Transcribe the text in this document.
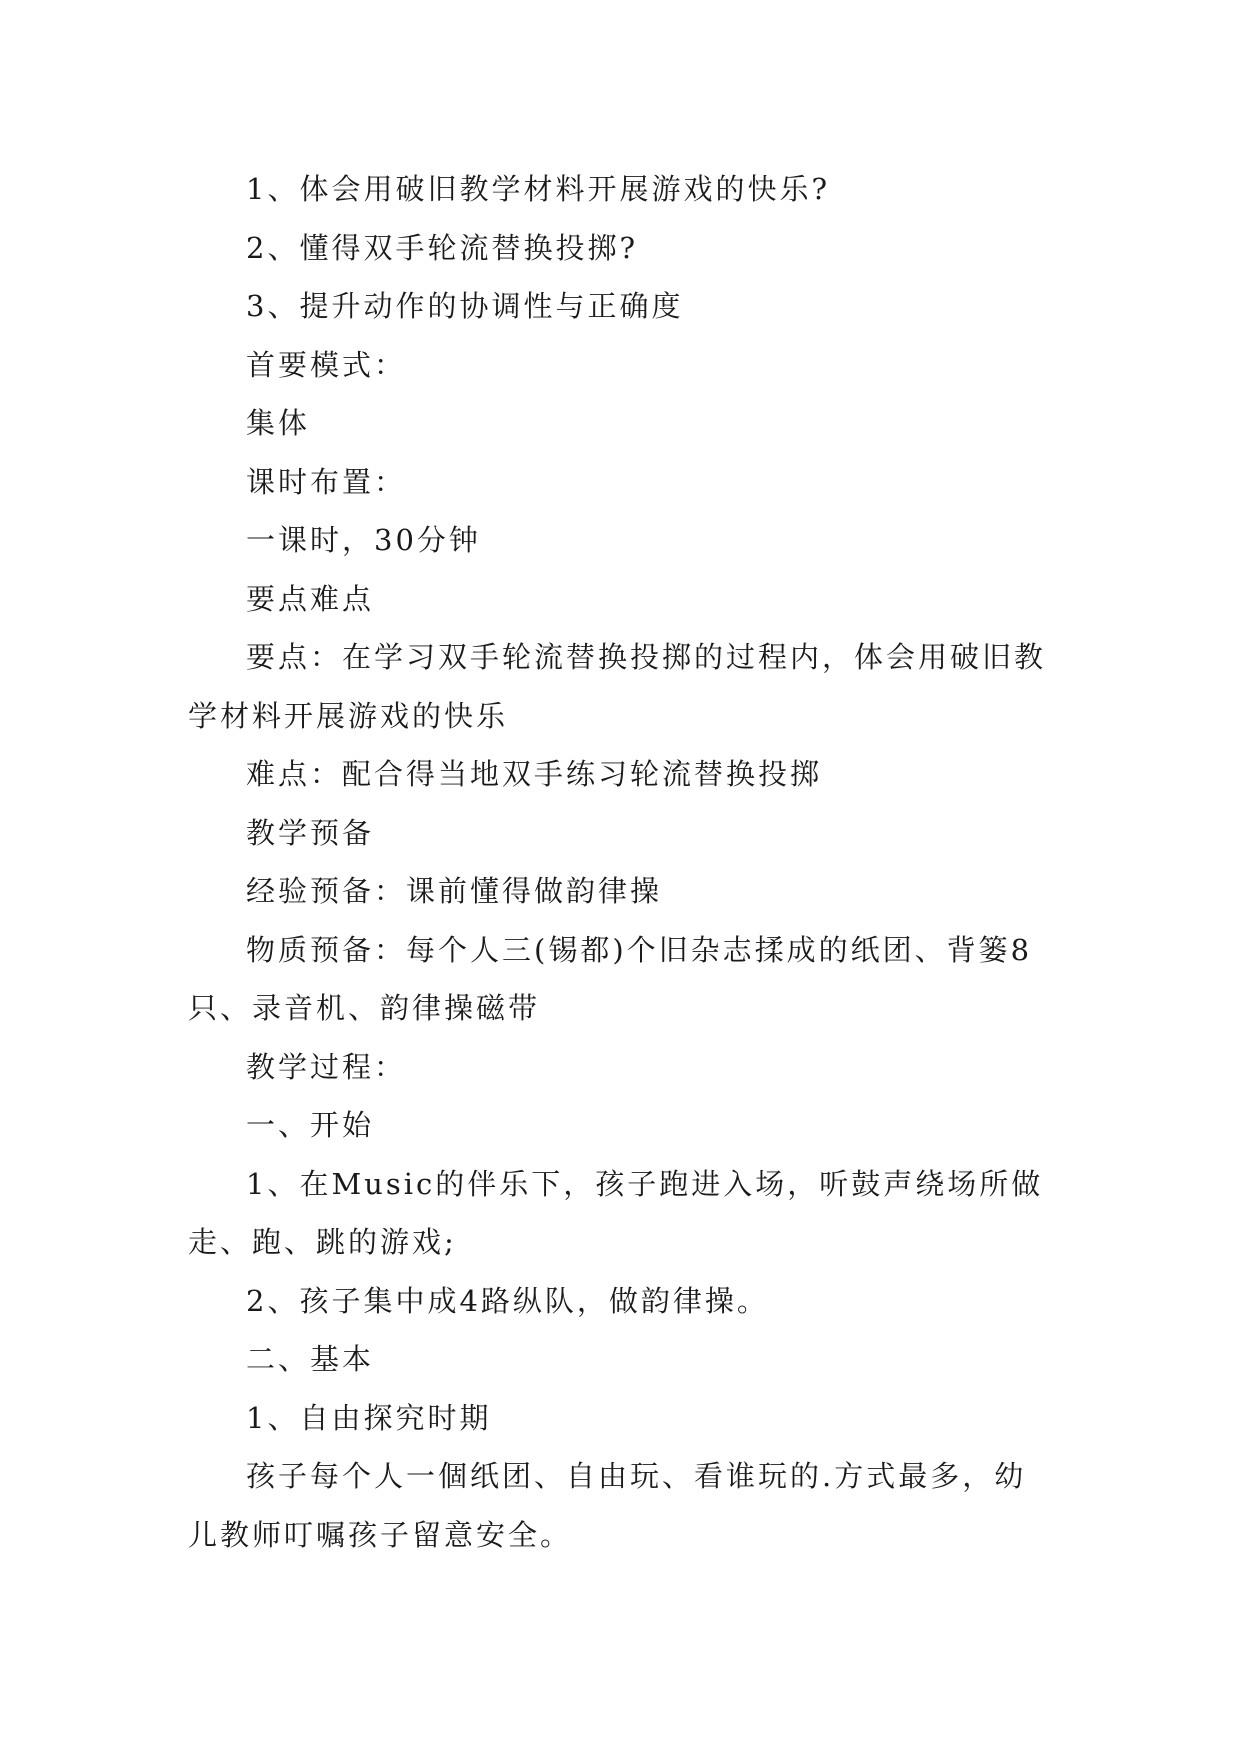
1、体会用破旧教学材料开展游戏的快乐?

2、懂得双手轮流替换投掷?

3、提升动作的协调性与正确度

首要模式：

集体

课时布置：

一课时，30分钟

要点难点

要点：在学习双手轮流替换投掷的过程内，体会用破旧教学材料开展游戏的快乐

难点：配合得当地双手练习轮流替换投掷

教学预备

经验预备：课前懂得做韵律操

物质预备：每个人三(锡都)个旧杂志揉成的纸团、背篓8只、录音机、韵律操磁带

教学过程：

一、开始

1、在Music的伴乐下，孩子跑进入场，听鼓声绕场所做走、跑、跳的游戏;

2、孩子集中成4路纵队，做韵律操。

二、基本

1、自由探究时期

孩子每个人一個纸团、自由玩、看谁玩的.方式最多，幼儿教师叮嘱孩子留意安全。
